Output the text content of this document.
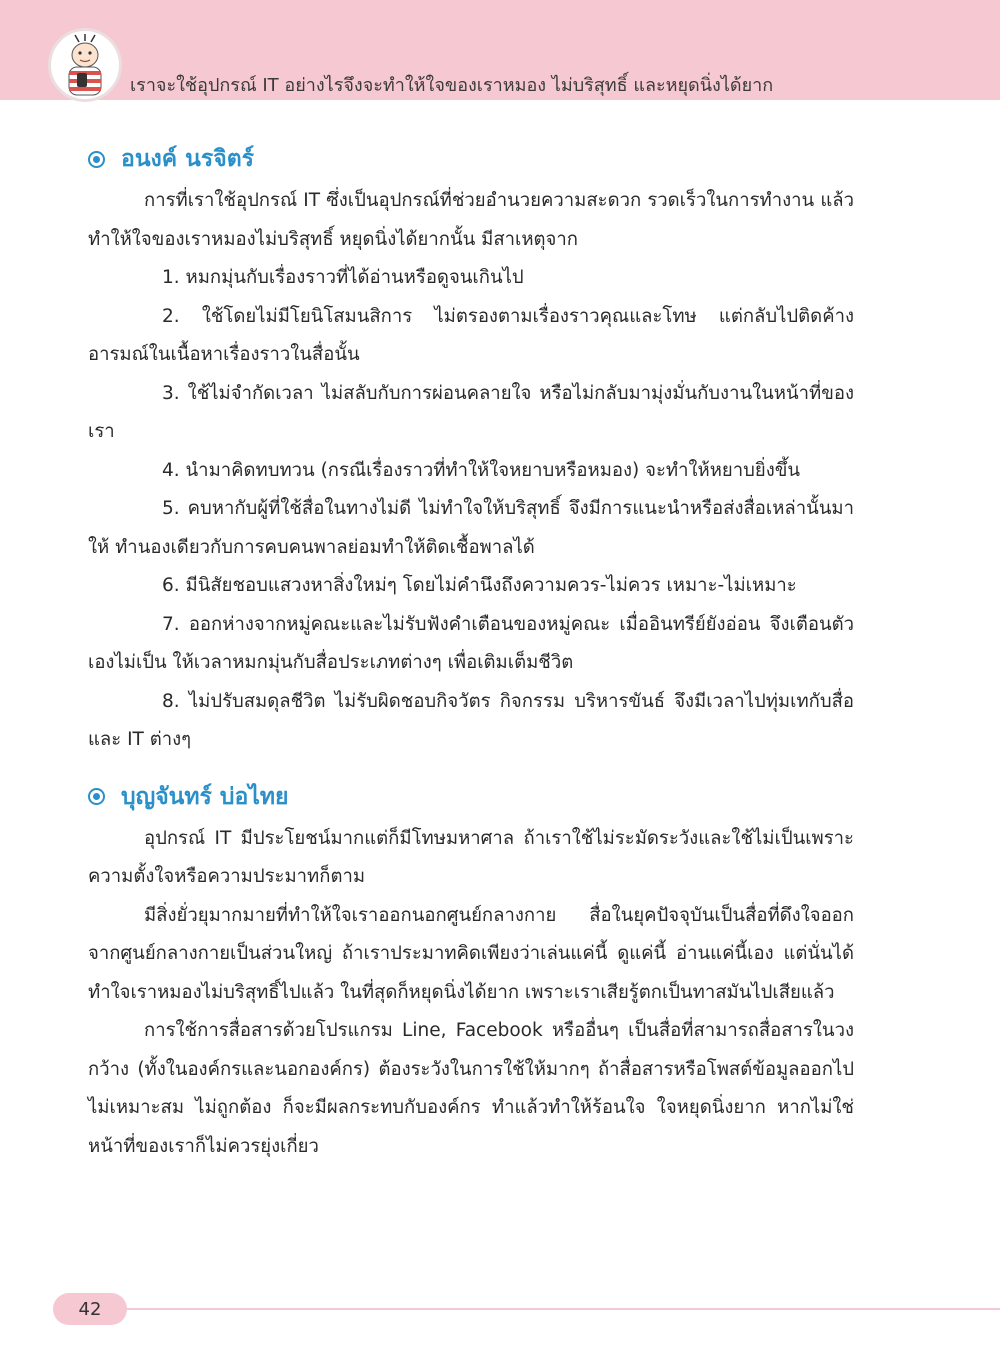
เราจะใช้อุปกรณ์ IT อย่างไรจึงจะทำให้ใจของเราหมอง ไม่บริสุทธิ์ และหยุดนิ่งได้ยาก
อนงค์ นรจิตร์

การที่เราใช้อุปกรณ์ IT ซึ่งเป็นอุปกรณ์ที่ช่วยอำนวยความสะดวก รวดเร็วในการทำงาน แล้วทำให้ใจของเราหมองไม่บริสุทธิ์ หยุดนิ่งได้ยากนั้น มีสาเหตุจาก

1. หมกมุ่นกับเรื่องราวที่ได้อ่านหรือดูจนเกินไป

2. ใช้โดยไม่มีโยนิโสมนสิการ ไม่ตรองตามเรื่องราวคุณและโทษ แต่กลับไปติดค้างอารมณ์ในเนื้อหาเรื่องราวในสื่อนั้น

3. ใช้ไม่จำกัดเวลา ไม่สลับกับการผ่อนคลายใจ หรือไม่กลับมามุ่งมั่นกับงานในหน้าที่ของเรา

4. นำมาคิดทบทวน (กรณีเรื่องราวที่ทำให้ใจหยาบหรือหมอง) จะทำให้หยาบยิ่งขึ้น

5. คบหากับผู้ที่ใช้สื่อในทางไม่ดี ไม่ทำใจให้บริสุทธิ์ จึงมีการแนะนำหรือส่งสื่อเหล่านั้นมาให้ ทำนองเดียวกับการคบคนพาลย่อมทำให้ติดเชื้อพาลได้

6. มีนิสัยชอบแสวงหาสิ่งใหม่ๆ โดยไม่คำนึงถึงความควร-ไม่ควร เหมาะ-ไม่เหมาะ

7. ออกห่างจากหมู่คณะและไม่รับฟังคำเตือนของหมู่คณะ เมื่ออินทรีย์ยังอ่อน จึงเตือนตัวเองไม่เป็น ให้เวลาหมกมุ่นกับสื่อประเภทต่างๆ เพื่อเติมเต็มชีวิต

8. ไม่ปรับสมดุลชีวิต ไม่รับผิดชอบกิจวัตร กิจกรรม บริหารขันธ์ จึงมีเวลาไปทุ่มเทกับสื่อและ IT ต่างๆ

บุญจันทร์ บ่อไทย

อุปกรณ์ IT มีประโยชน์มากแต่ก็มีโทษมหาศาล ถ้าเราใช้ไม่ระมัดระวังและใช้ไม่เป็นเพราะความตั้งใจหรือความประมาทก็ตาม

มีสิ่งยั่วยุมากมายที่ทำให้ใจเราออกนอกศูนย์กลางกาย สื่อในยุคปัจจุบันเป็นสื่อที่ดึงใจออกจากศูนย์กลางกายเป็นส่วนใหญ่ ถ้าเราประมาทคิดเพียงว่าเล่นแค่นี้ ดูแค่นี้ อ่านแค่นี้เอง แต่นั่นได้ทำใจเราหมองไม่บริสุทธิ์ไปแล้ว ในที่สุดก็หยุดนิ่งได้ยาก เพราะเราเสียรู้ตกเป็นทาสมันไปเสียแล้ว

การใช้การสื่อสารด้วยโปรแกรม Line, Facebook หรืออื่นๆ เป็นสื่อที่สามารถสื่อสารในวงกว้าง (ทั้งในองค์กรและนอกองค์กร) ต้องระวังในการใช้ให้มากๆ ถ้าสื่อสารหรือโพสต์ข้อมูลออกไปไม่เหมาะสม ไม่ถูกต้อง ก็จะมีผลกระทบกับองค์กร ทำแล้วทำให้ร้อนใจ ใจหยุดนิ่งยาก หากไม่ใช่หน้าที่ของเราก็ไม่ควรยุ่งเกี่ยว

42
